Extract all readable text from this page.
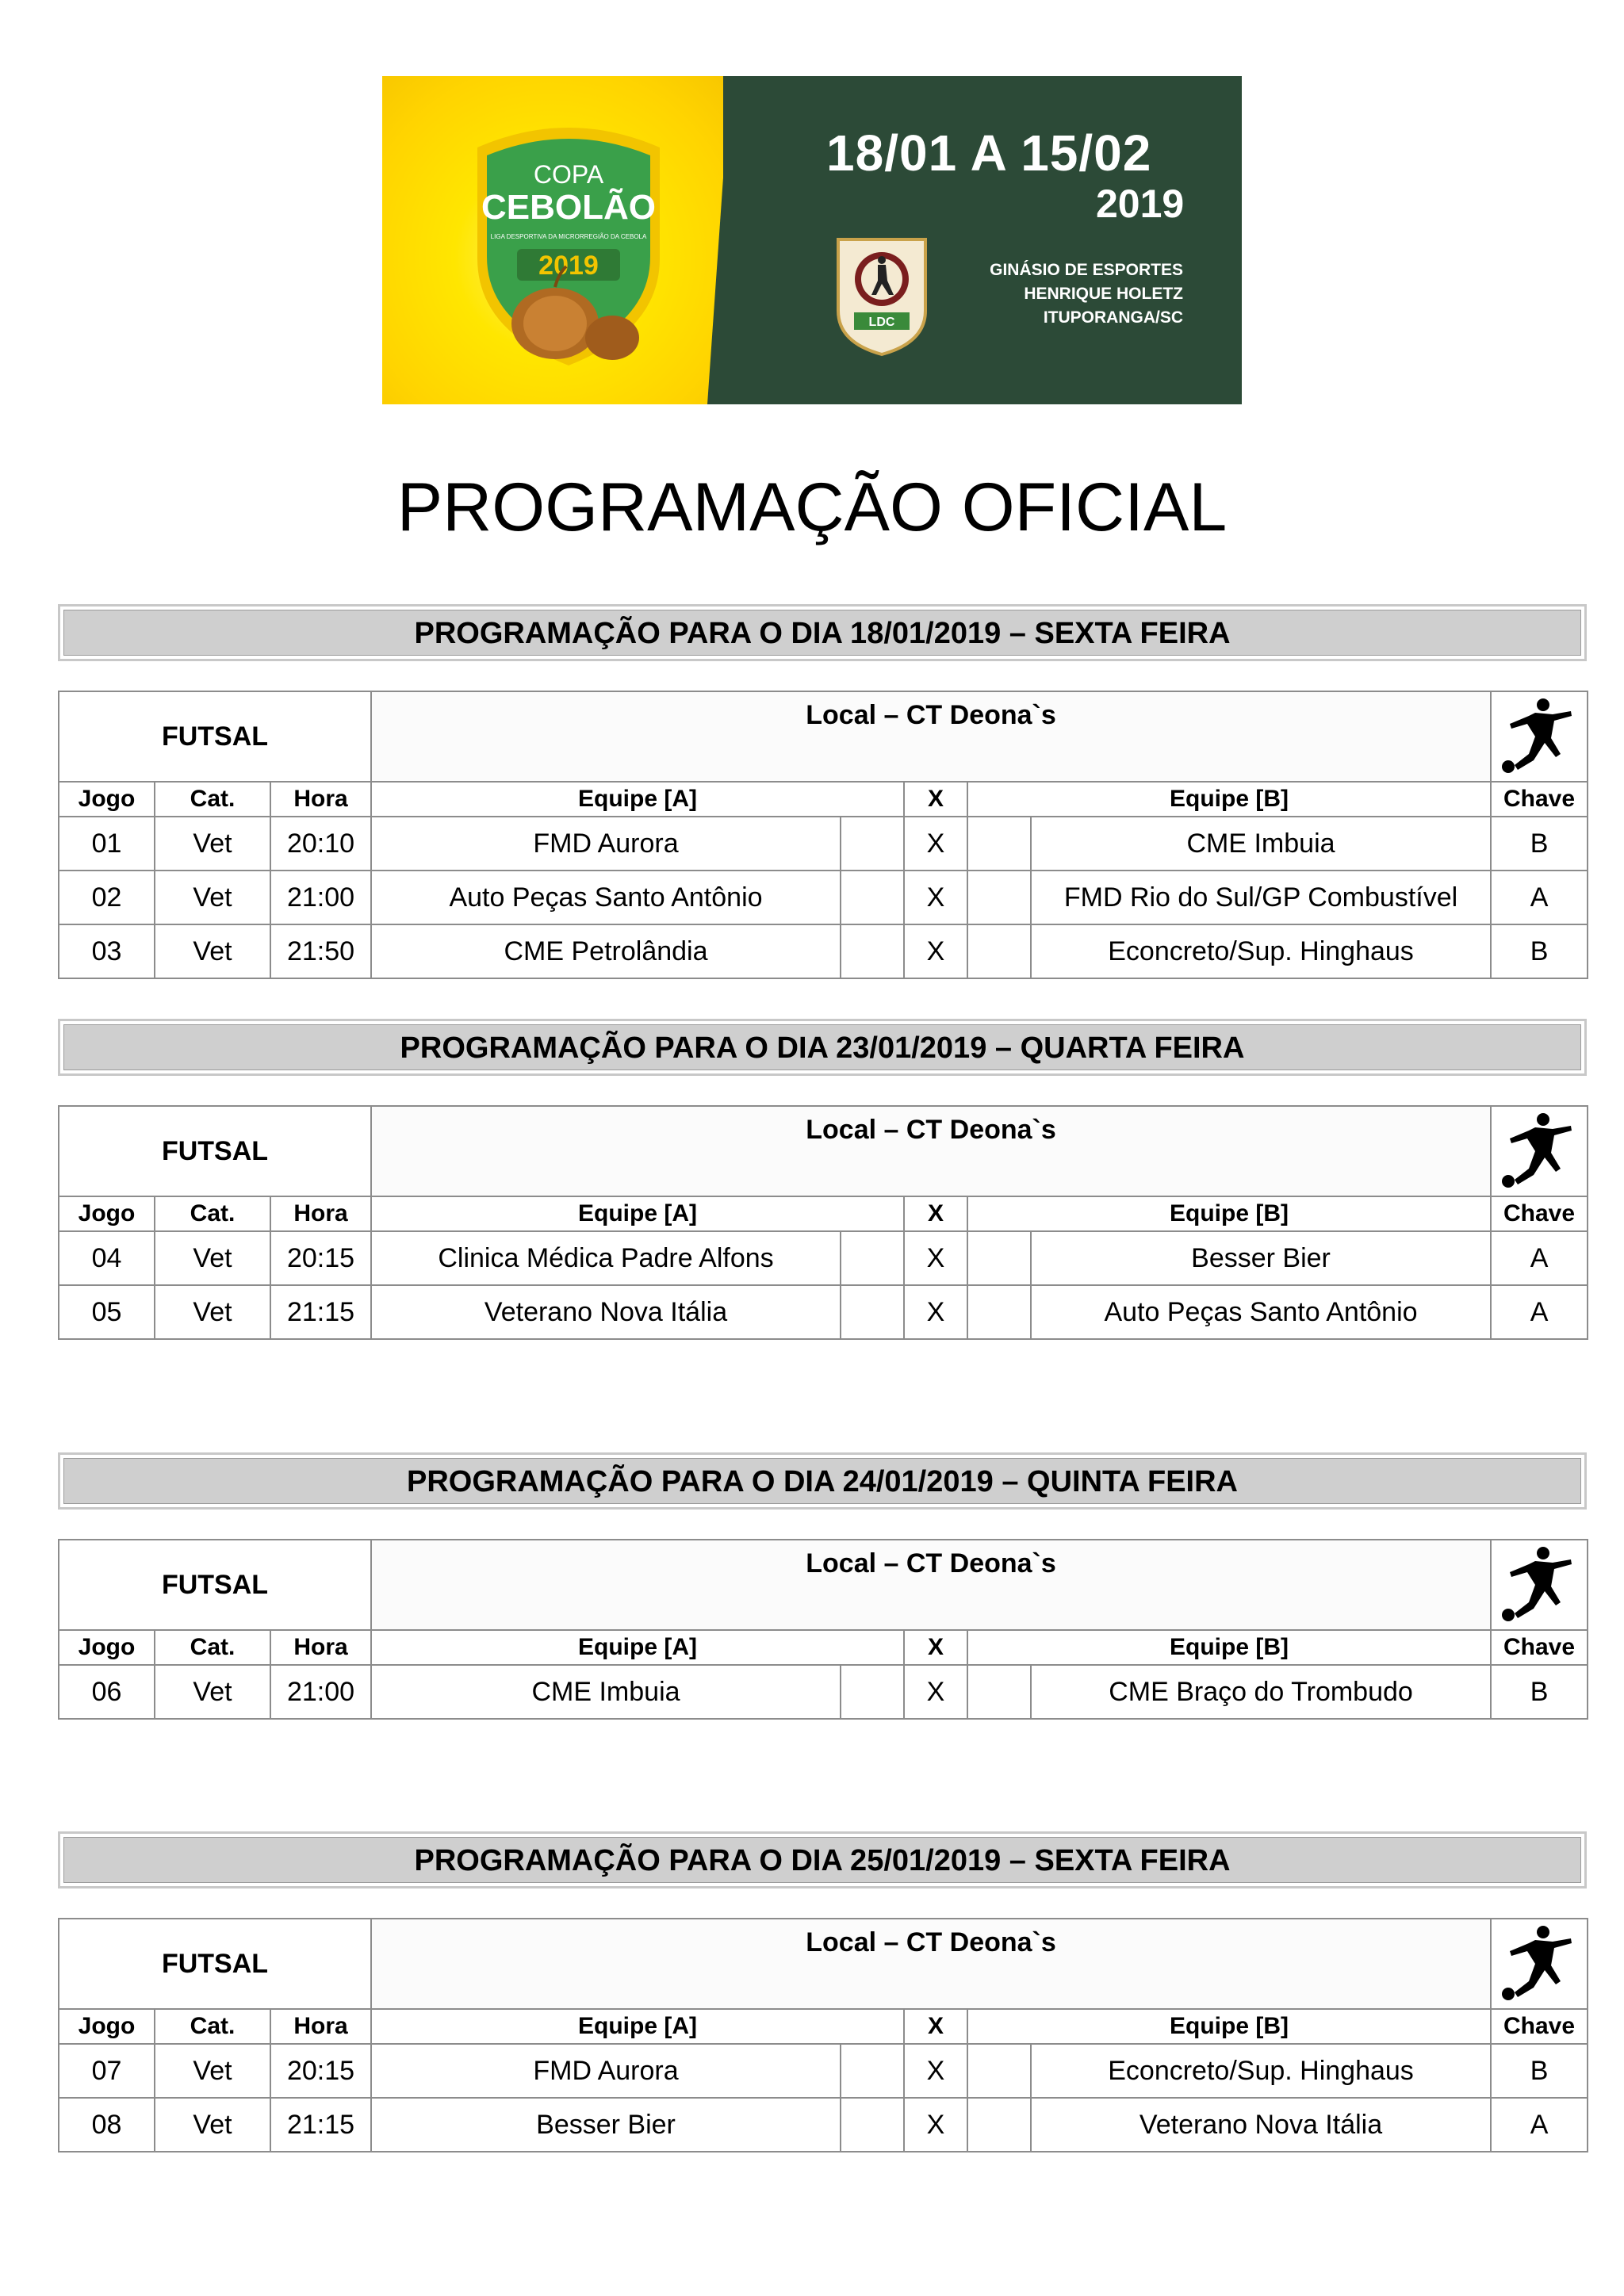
COPA
CEBOLÃO
LIGA DESPORTIVA DA MICRORREGIÃO DA CEBOLA
2019
18/01 A 15/02
2019
LDC
GINÁSIO DE ESPORTES
HENRIQUE HOLETZ
ITUPORANGA/SC
PROGRAMAÇÃO OFICIAL
PROGRAMAÇÃO PARA O DIA 18/01/2019 – SEXTA FEIRA
FUTSAL			Local – CT Deona`s	

Jogo	Cat.	Hora	Equipe [A]		X	Equipe [B]		Chave
01	Vet	20:10	FMD Aurora		X		CME Imbuia	B
02	Vet	21:00	Auto Peças Santo Antônio		X		FMD Rio do Sul/GP Combustível	A
03	Vet	21:50	CME Petrolândia		X		Econcreto/Sup. Hinghaus	B
PROGRAMAÇÃO PARA O DIA 23/01/2019 – QUARTA FEIRA
FUTSAL			Local – CT Deona`s	

Jogo	Cat.	Hora	Equipe [A]		X	Equipe [B]		Chave
04	Vet	20:15	Clinica Médica Padre Alfons		X		Besser Bier	A
05	Vet	21:15	Veterano Nova Itália		X		Auto Peças Santo Antônio	A
PROGRAMAÇÃO PARA O DIA 24/01/2019 – QUINTA FEIRA
FUTSAL			Local – CT Deona`s	

Jogo	Cat.	Hora	Equipe [A]		X	Equipe [B]		Chave
06	Vet	21:00	CME Imbuia		X		CME Braço do Trombudo	B
PROGRAMAÇÃO PARA O DIA 25/01/2019 – SEXTA FEIRA
FUTSAL			Local – CT Deona`s	

Jogo	Cat.	Hora	Equipe [A]		X	Equipe [B]		Chave
07	Vet	20:15	FMD Aurora		X		Econcreto/Sup. Hinghaus	B
08	Vet	21:15	Besser Bier		X		Veterano Nova Itália	A
